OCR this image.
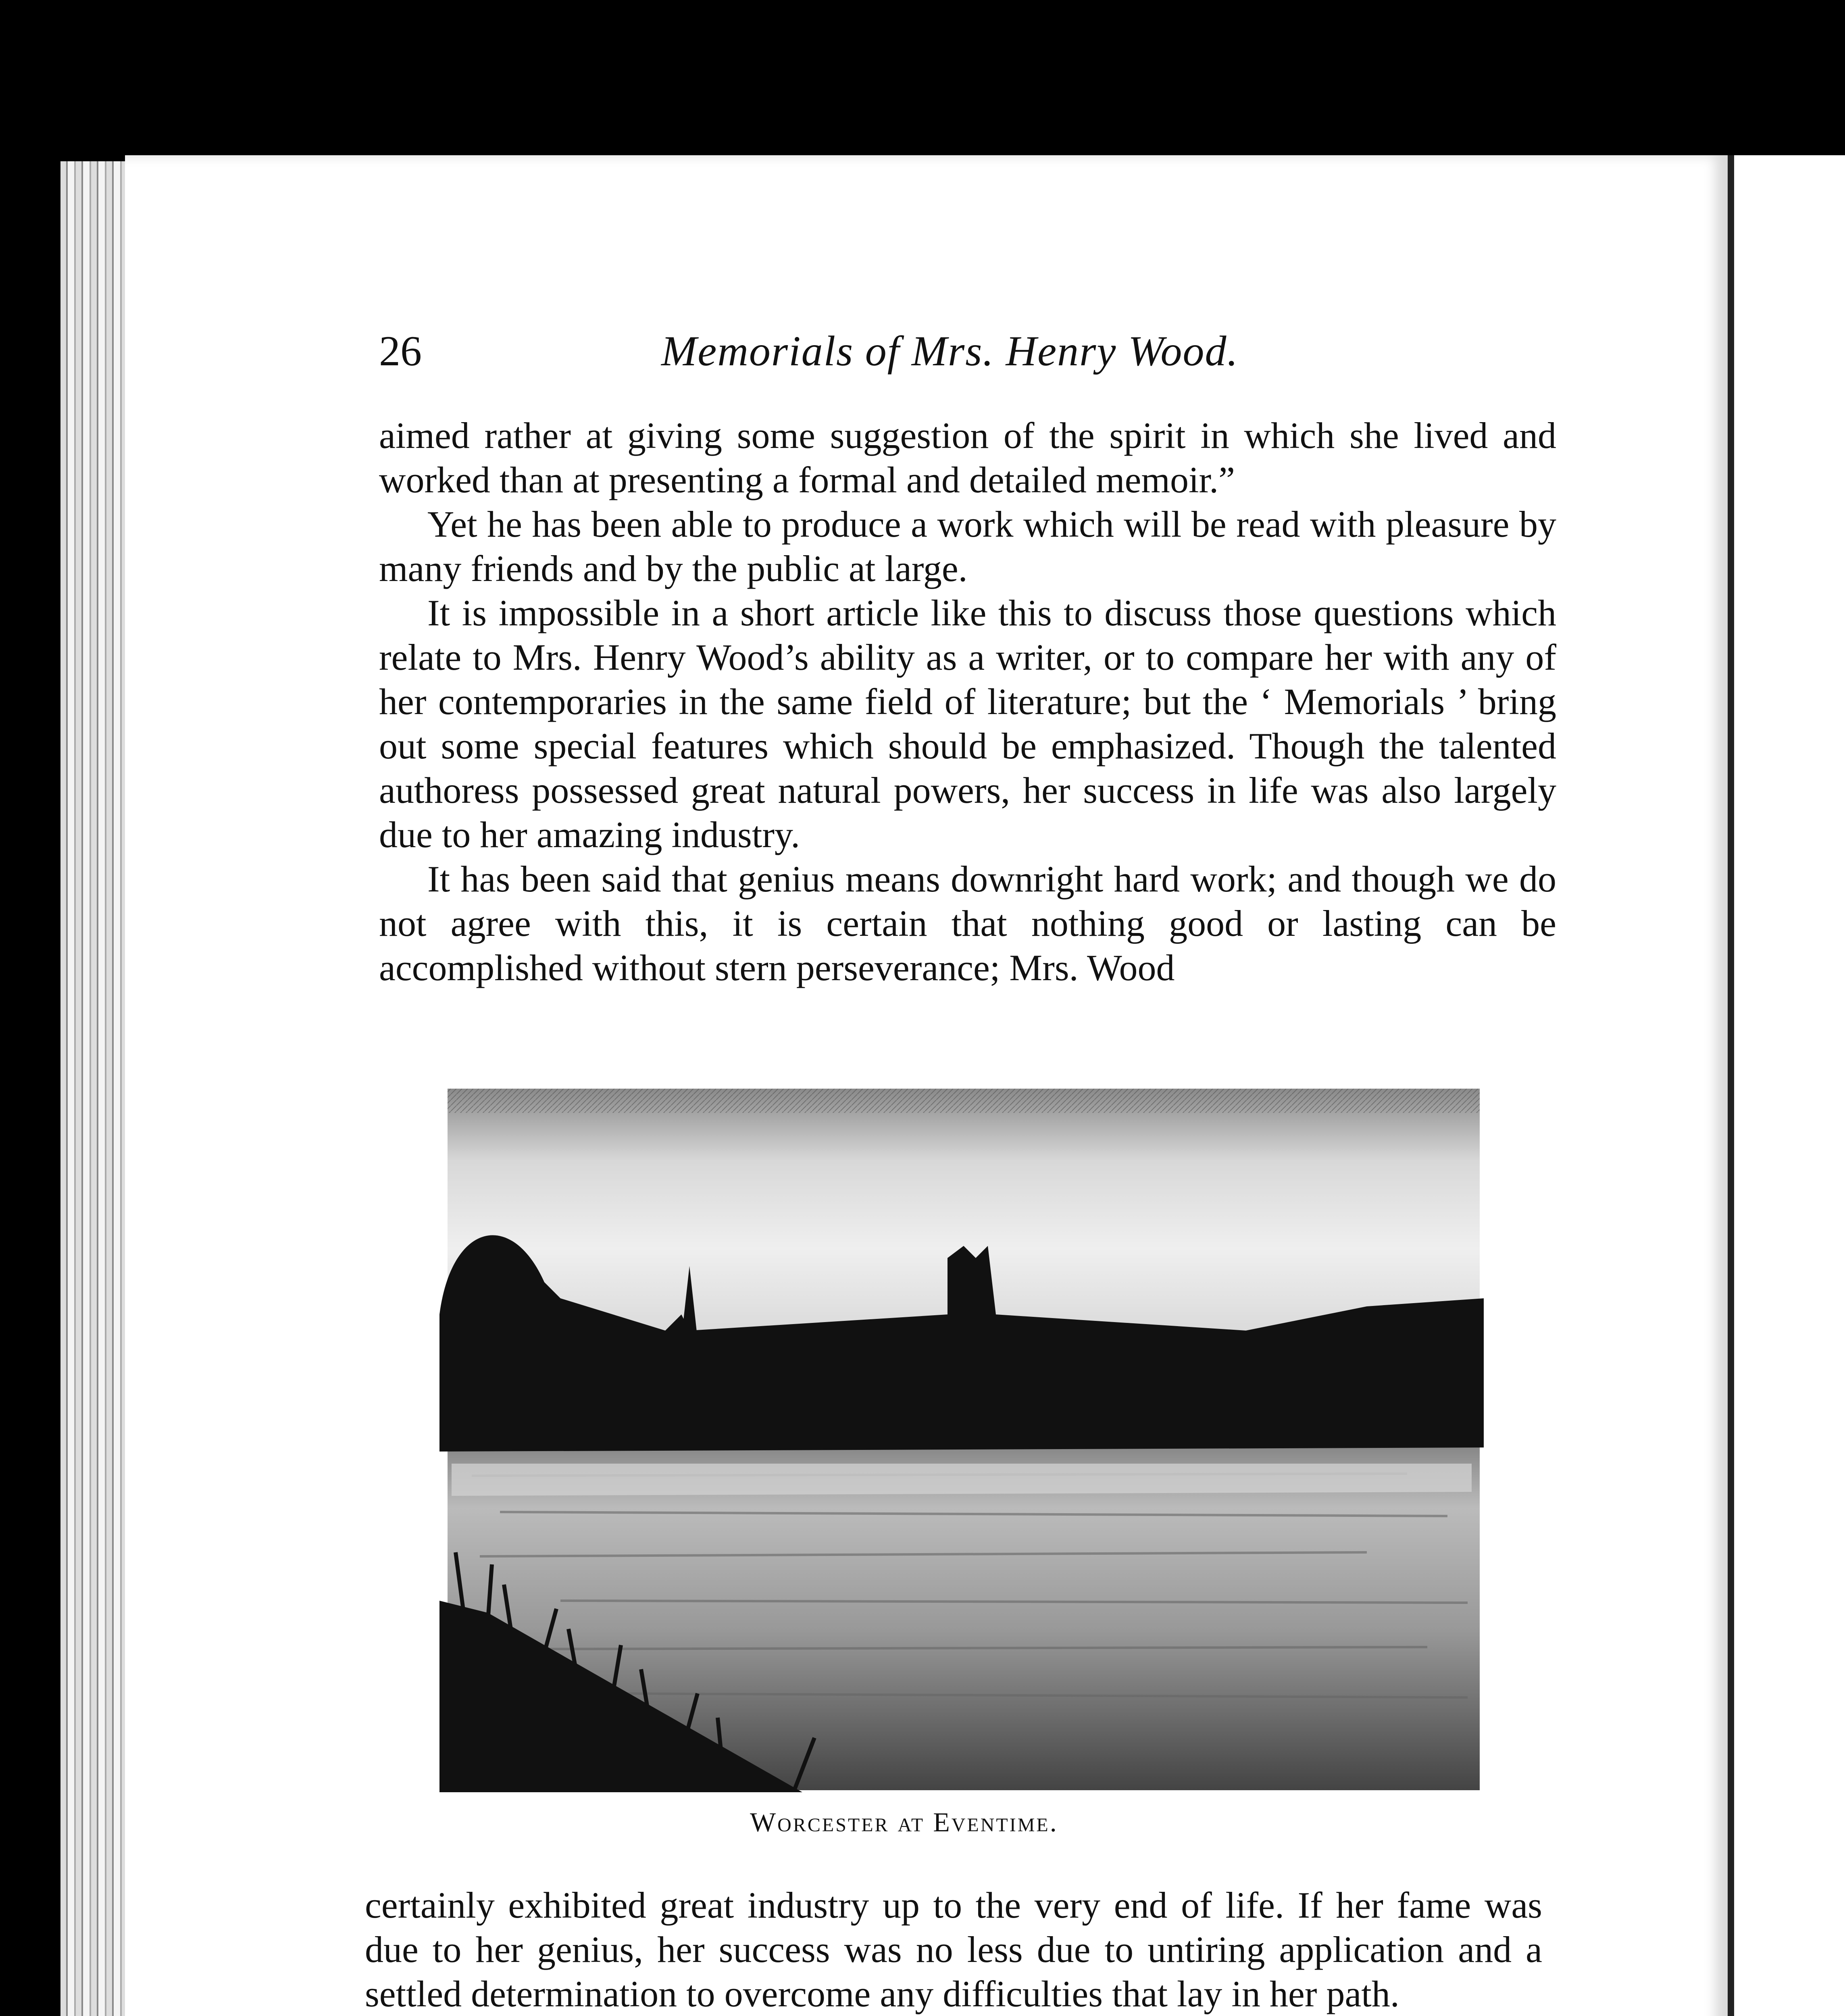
26	Memorials of Mrs. Henry Wood.

aimed rather at giving some suggestion of the spirit in which she lived and worked than at presenting a formal and detailed memoir.”

Yet he has been able to produce a work which will be read with pleasure by many friends and by the public at large.

It is impossible in a short article like this to discuss those questions which relate to Mrs. Henry Wood’s ability as a writer, or to compare her with any of her contemporaries in the same field of literature; but the ‘ Memorials ’ bring out some special features which should be emphasized. Though the talented authoress possessed great natural powers, her success in life was also largely due to her amazing industry.

It has been said that genius means downright hard work; and though we do not agree with this, it is certain that nothing good or lasting can be accomplished without stern perseverance; Mrs. Wood

Worcester at Eventime.

certainly exhibited great industry up to the very end of life. If her fame was due to her genius, her success was no less due to untiring application and a settled determination to overcome any difficulties that lay in her path.
